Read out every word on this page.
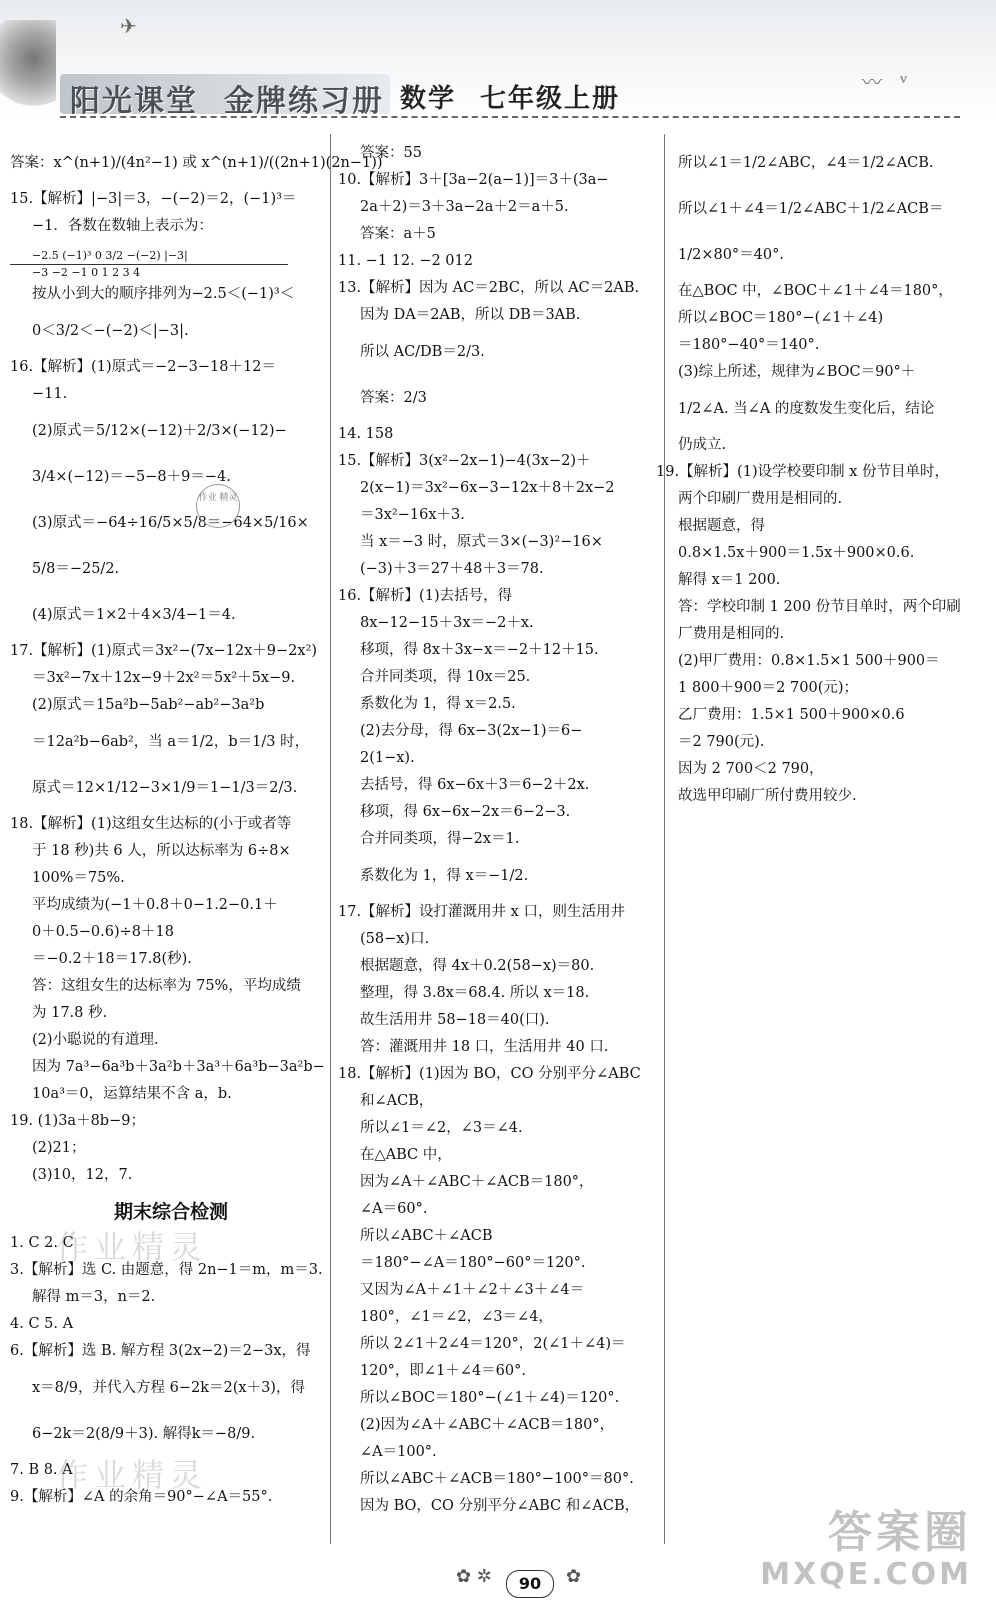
阳光课堂 金牌练习册 数学 七年级上册
✈
〰 ᵛ
答案：x^(n+1)/(4n²−1) 或 x^(n+1)/((2n+1)(2n−1))
15.【解析】|−3|＝3，−(−2)＝2，(−1)³＝
−1．各数在数轴上表示为：
−2.5 (−1)³ 0 3/2 −(−2) |−3|
−3 −2 −1 0 1 2 3 4
按从小到大的顺序排列为−2.5＜(−1)³＜
0＜3/2＜−(−2)＜|−3|.
16.【解析】(1)原式＝−2−3−18＋12＝
−11.
(2)原式＝5/12×(−12)＋2/3×(−12)−
3/4×(−12)＝−5−8＋9＝−4.
(3)原式＝−64÷16/5×5/8＝−64×5/16×
5/8＝−25/2.
(4)原式＝1×2＋4×3/4−1＝4.
17.【解析】(1)原式＝3x²−(7x−12x＋9−2x²)
＝3x²−7x＋12x−9＋2x²＝5x²＋5x−9.
(2)原式＝15a²b−5ab²−ab²−3a²b
＝12a²b−6ab²，当 a＝1/2，b＝1/3 时，
原式＝12×1/12−3×1/9＝1−1/3＝2/3.
18.【解析】(1)这组女生达标的(小于或者等
于 18 秒)共 6 人，所以达标率为 6÷8×
100%＝75%.
平均成绩为(−1＋0.8＋0−1.2−0.1＋
0＋0.5−0.6)÷8＋18
＝−0.2＋18＝17.8(秒).
答：这组女生的达标率为 75%，平均成绩
为 17.8 秒.
(2)小聪说的有道理.
因为 7a³−6a³b＋3a²b＋3a³＋6a³b−3a²b−
10a³＝0，运算结果不含 a，b.
19. (1)3a＋8b−9；
(2)21；
(3)10，12，7.
期末综合检测
1. C 2. C
3.【解析】选 C. 由题意，得 2n−1＝m，m＝3.
解得 m＝3，n＝2.
4. C 5. A
6.【解析】选 B. 解方程 3(2x−2)＝2−3x，得
x＝8/9，并代入方程 6−2k＝2(x＋3)，得
6−2k＝2(8/9＋3). 解得k＝−8/9.
7. B 8. A
9.【解析】∠A 的余角＝90°−∠A＝55°.
答案：55
10.【解析】3＋[3a−2(a−1)]＝3＋(3a−
2a＋2)＝3＋3a−2a＋2＝a＋5.
答案：a＋5
11. −1 12. −2 012
13.【解析】因为 AC＝2BC，所以 AC＝2AB.
因为 DA＝2AB，所以 DB＝3AB.
所以 AC/DB＝2/3.
答案：2/3
14. 158
15.【解析】3(x²−2x−1)−4(3x−2)＋
2(x−1)＝3x²−6x−3−12x＋8＋2x−2
＝3x²−16x＋3.
当 x＝−3 时，原式＝3×(−3)²−16×
(−3)＋3＝27＋48＋3＝78.
16.【解析】(1)去括号，得
8x−12−15＋3x＝−2＋x.
移项，得 8x＋3x−x＝−2＋12＋15.
合并同类项，得 10x＝25.
系数化为 1，得 x＝2.5.
(2)去分母，得 6x−3(2x−1)＝6−
2(1−x).
去括号，得 6x−6x＋3＝6−2＋2x.
移项，得 6x−6x−2x＝6−2−3.
合并同类项，得−2x＝1.
系数化为 1，得 x＝−1/2.
17.【解析】设打灌溉用井 x 口，则生活用井
(58−x)口.
根据题意，得 4x＋0.2(58−x)＝80.
整理，得 3.8x＝68.4. 所以 x＝18.
故生活用井 58−18＝40(口).
答：灌溉用井 18 口，生活用井 40 口.
18.【解析】(1)因为 BO，CO 分别平分∠ABC
和∠ACB，
所以∠1＝∠2，∠3＝∠4.
在△ABC 中，
因为∠A＋∠ABC＋∠ACB＝180°，
∠A＝60°.
所以∠ABC＋∠ACB
＝180°−∠A＝180°−60°＝120°.
又因为∠A＋∠1＋∠2＋∠3＋∠4＝
180°，∠1＝∠2，∠3＝∠4，
所以 2∠1＋2∠4＝120°，2(∠1＋∠4)＝
120°，即∠1＋∠4＝60°.
所以∠BOC＝180°−(∠1＋∠4)＝120°.
(2)因为∠A＋∠ABC＋∠ACB＝180°，
∠A＝100°.
所以∠ABC＋∠ACB＝180°−100°＝80°.
因为 BO，CO 分别平分∠ABC 和∠ACB，
所以∠1＝1/2∠ABC，∠4＝1/2∠ACB.
所以∠1＋∠4＝1/2∠ABC＋1/2∠ACB＝
1/2×80°＝40°.
在△BOC 中，∠BOC＋∠1＋∠4＝180°，
所以∠BOC＝180°−(∠1＋∠4)
＝180°−40°＝140°.
(3)综上所述，规律为∠BOC＝90°＋
1/2∠A. 当∠A 的度数发生变化后，结论
仍成立.
19.【解析】(1)设学校要印制 x 份节目单时，
两个印刷厂费用是相同的.
根据题意，得
0.8×1.5x＋900＝1.5x＋900×0.6.
解得 x＝1 200.
答：学校印制 1 200 份节目单时，两个印刷
厂费用是相同的.
(2)甲厂费用：0.8×1.5×1 500＋900＝
1 800＋900＝2 700(元)；
乙厂费用：1.5×1 500＋900×0.6
＝2 790(元).
因为 2 700＜2 790，
故选甲印刷厂所付费用较少.
作业 精灵
作业精灵
作业精灵
答案圈
MXQE.COM
✿ ✲	✿
90
